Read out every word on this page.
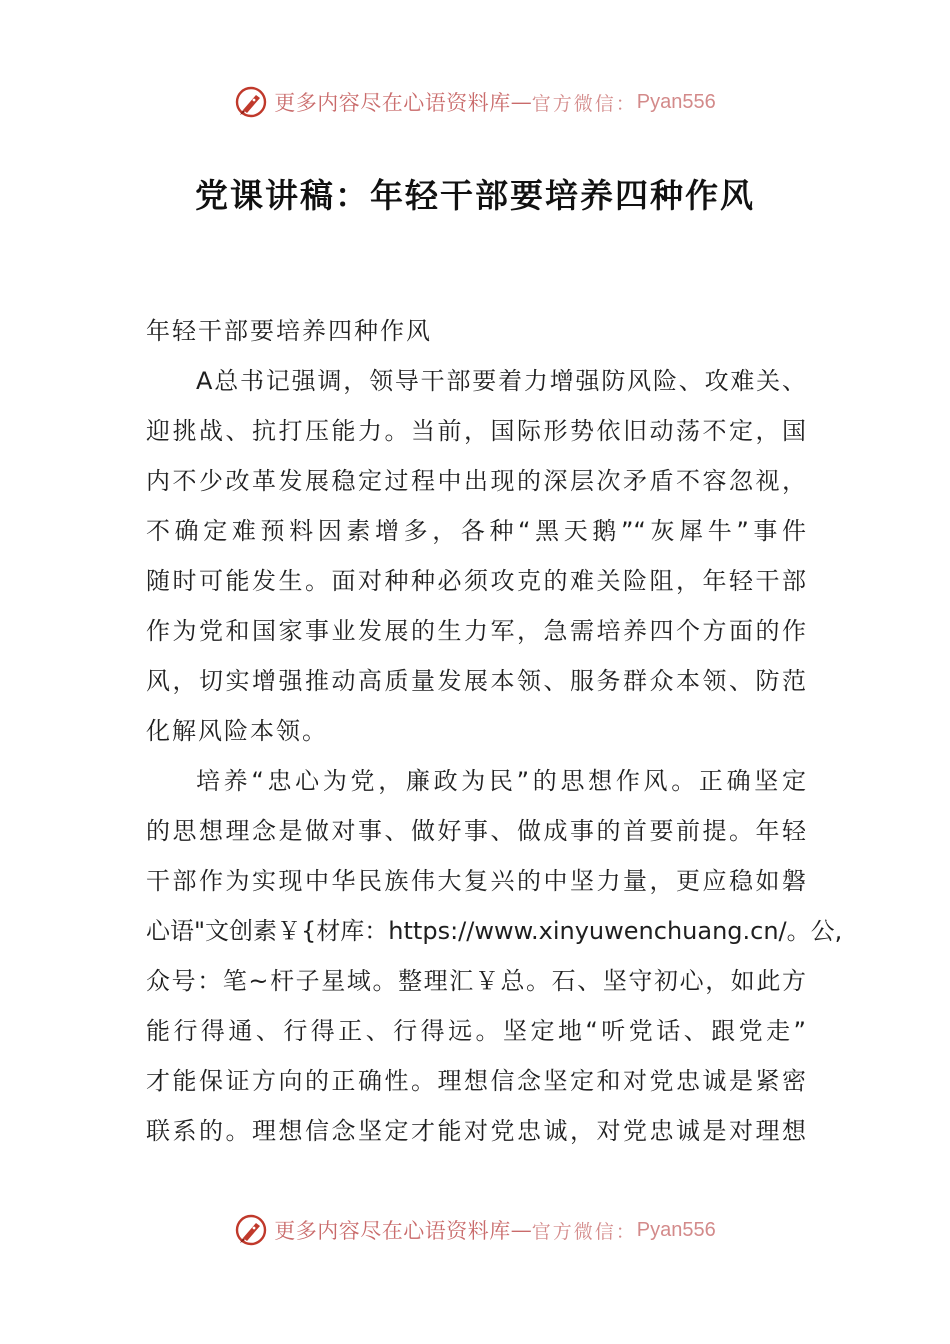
更多内容尽在心语资料库 — 官方微信： Pyan556
党课讲稿：年轻干部要培养四种作风
年轻干部要培养四种作风
A总书记强调，领导干部要着力增强防风险、攻难关、
迎挑战、抗打压能力。当前，国际形势依旧动荡不定，国
内不少改革发展稳定过程中出现的深层次矛盾不容忽视，
不确定难预料因素增多，各种“黑天鹅”“灰犀牛”事件
随时可能发生。面对种种必须攻克的难关险阻，年轻干部
作为党和国家事业发展的生力军，急需培养四个方面的作
风，切实增强推动高质量发展本领、服务群众本领、防范
化解风险本领。
培养“忠心为党，廉政为民”的思想作风。正确坚定
的思想理念是做对事、做好事、做成事的首要前提。年轻
干部作为实现中华民族伟大复兴的中坚力量，更应稳如磐
心语"文创素￥{材库：https://www.xinyuwenchuang.cn/。公,
众号：笔~杆子星域。整理汇￥总。石、坚守初心，如此方
能行得通、行得正、行得远。坚定地“听党话、跟党走”
才能保证方向的正确性。理想信念坚定和对党忠诚是紧密
联系的。理想信念坚定才能对党忠诚，对党忠诚是对理想
更多内容尽在心语资料库 — 官方微信： Pyan556
